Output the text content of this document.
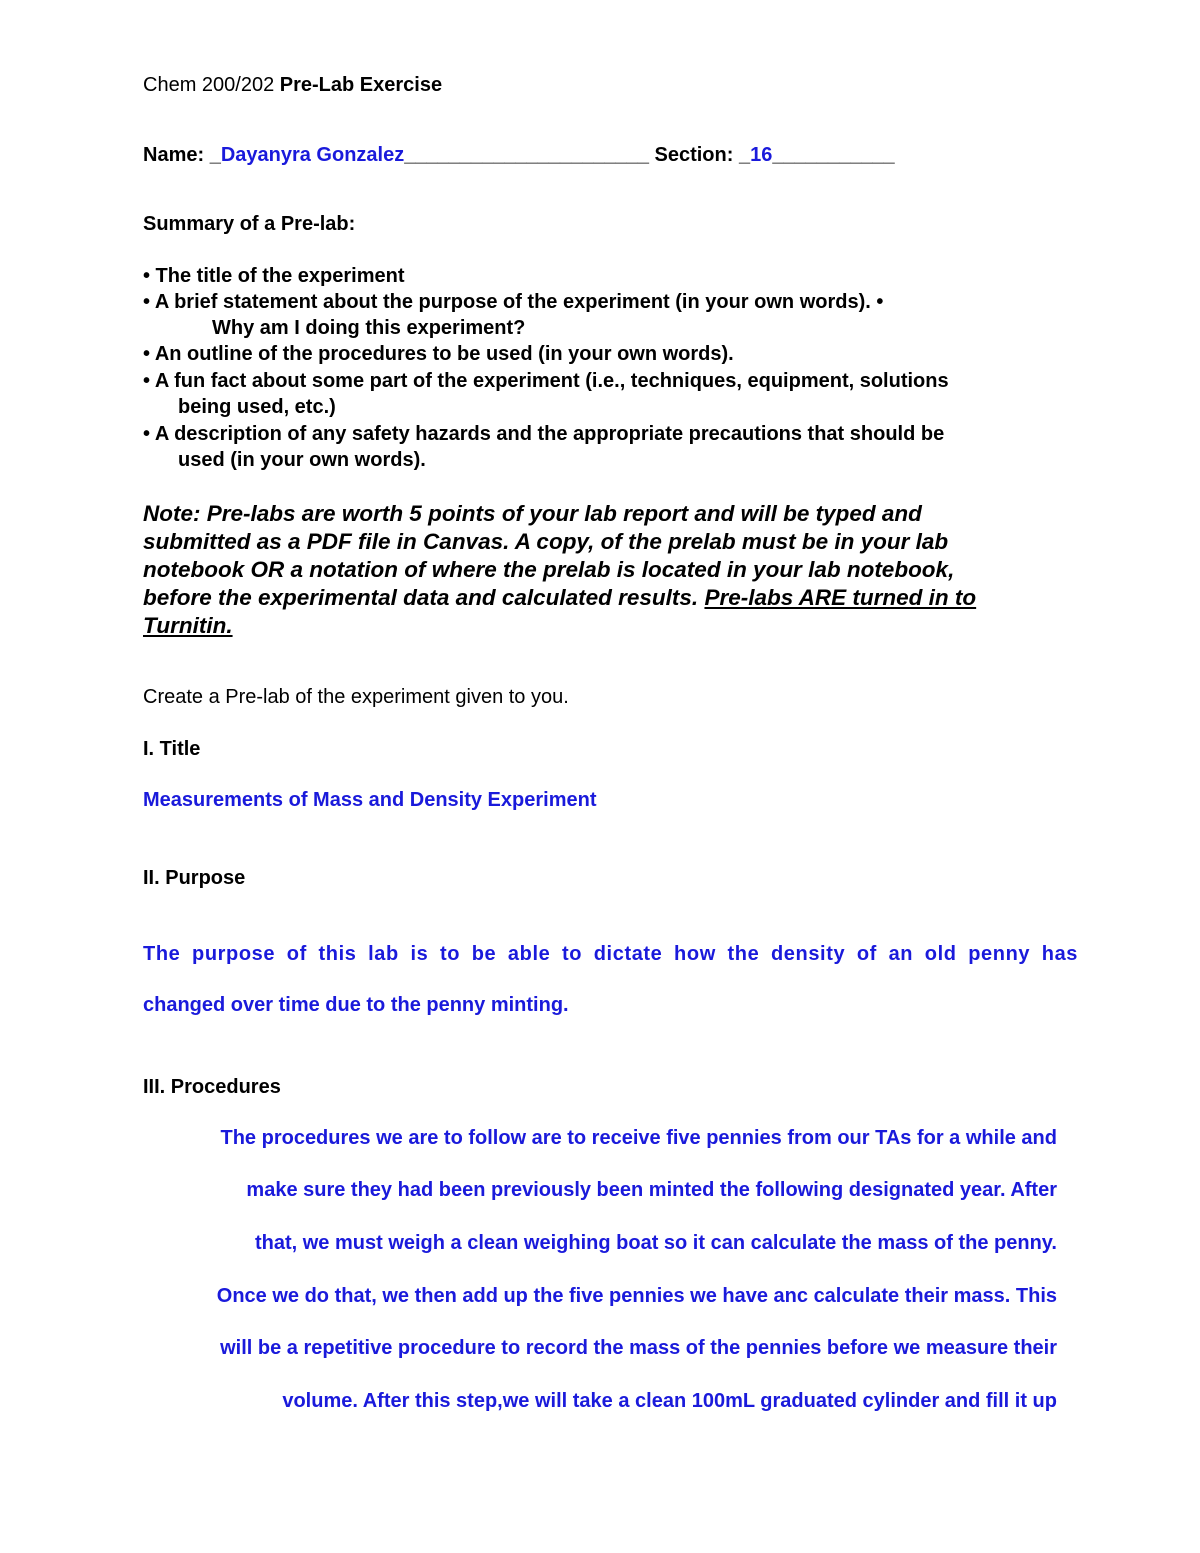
Chem 200/202 Pre-Lab Exercise
Name: _Dayanyra Gonzalez______________________ Section: _16___________
Summary of a Pre-lab:
• The title of the experiment
• A brief statement about the purpose of the experiment (in your own words). •
Why am I doing this experiment?
• An outline of the procedures to be used (in your own words).
• A fun fact about some part of the experiment (i.e., techniques, equipment, solutions
being used, etc.)
• A description of any safety hazards and the appropriate precautions that should be
used (in your own words).
Note: Pre-labs are worth 5 points of your lab report and will be typed and
submitted as a PDF file in Canvas. A copy, of the prelab must be in your lab
notebook OR a notation of where the prelab is located in your lab notebook,
before the experimental data and calculated results. Pre-labs ARE turned in to
Turnitin.
Create a Pre-lab of the experiment given to you.
I. Title
Measurements of Mass and Density Experiment
II. Purpose
The purpose of this lab is to be able to dictate how the density of an old penny has
changed over time due to the penny minting.
III. Procedures
The procedures we are to follow are to receive five pennies from our TAs for a while and
make sure they had been previously been minted the following designated year. After
that, we must weigh a clean weighing boat so it can calculate the mass of the penny.
Once we do that, we then add up the five pennies we have anc calculate their mass. This
will be a repetitive procedure to record the mass of the pennies before we measure their
volume. After this step,we will take a clean 100mL graduated cylinder and fill it up
